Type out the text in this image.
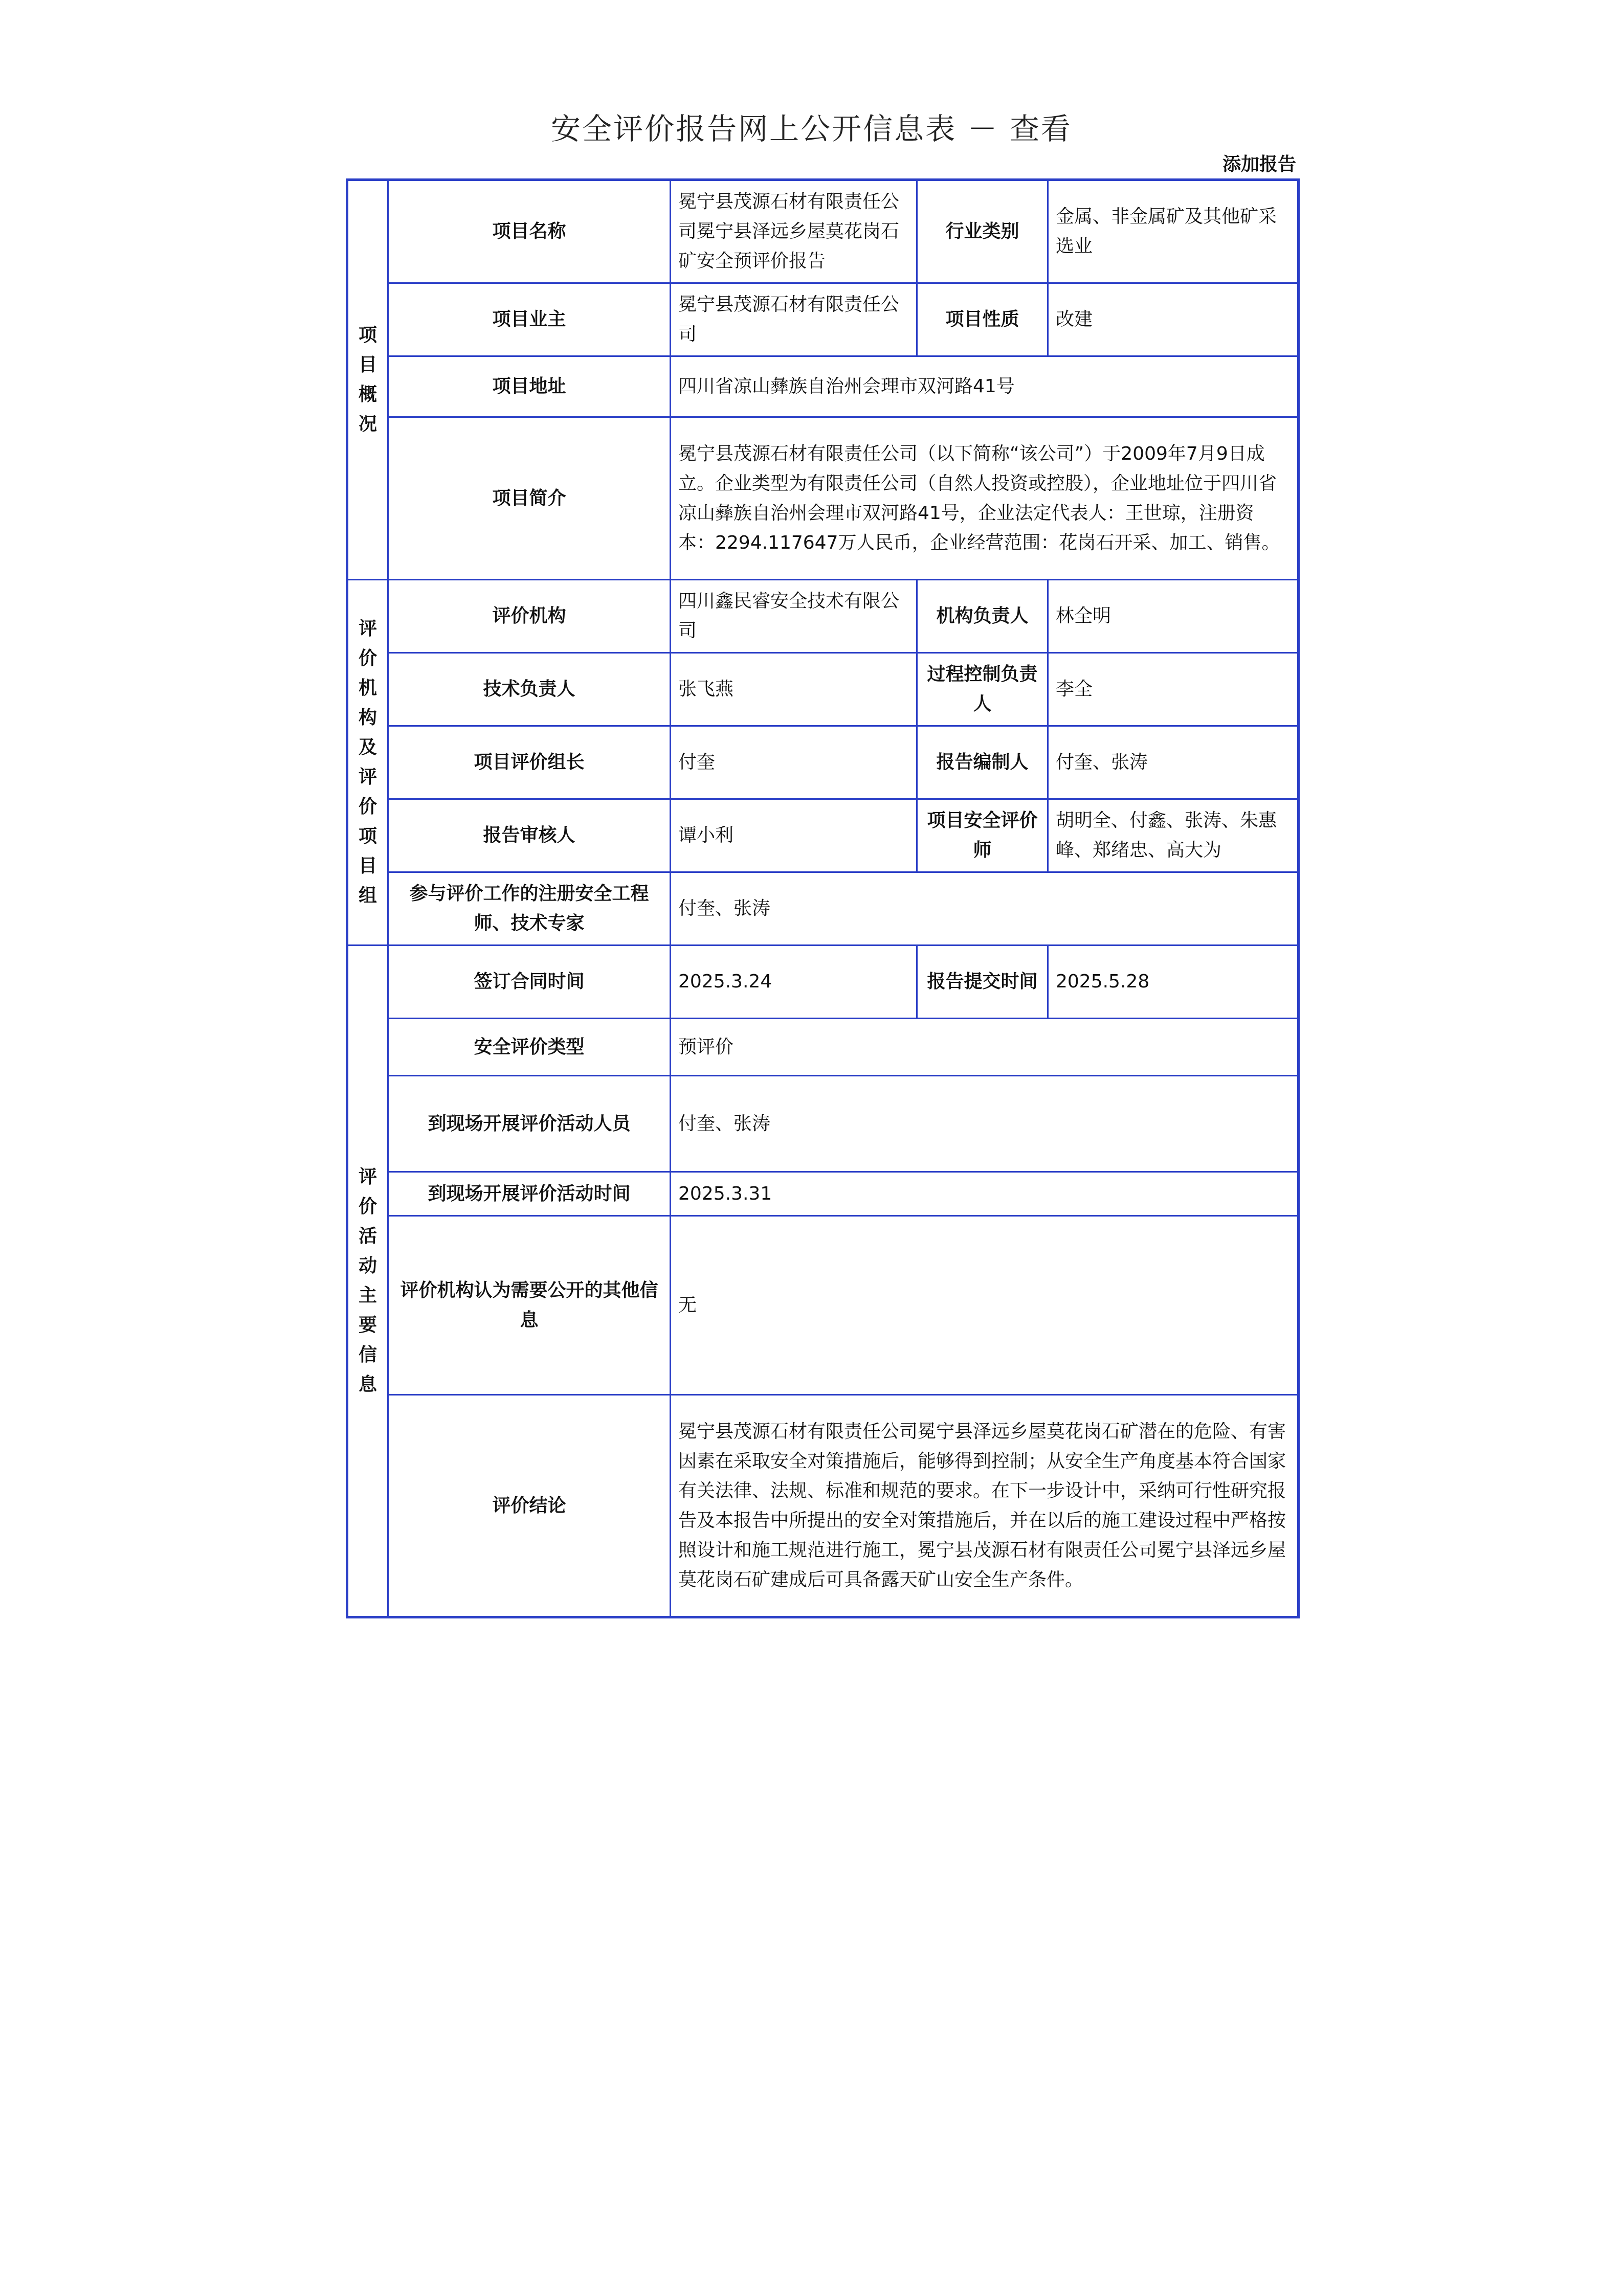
安全评价报告网上公开信息表 － 查看
添加报告
项目概况	项目名称	冕宁县茂源石材有限责任公司冕宁县泽远乡屋莫花岗石矿安全预评价报告	行业类别	金属、非金属矿及其他矿采选业
	项目业主	冕宁县茂源石材有限责任公司	项目性质	改建
	项目地址	四川省凉山彝族自治州会理市双河路41号		
	项目简介	冕宁县茂源石材有限责任公司（以下简称“该公司”）于2009年7月9日成立。企业类型为有限责任公司（自然人投资或控股），企业地址位于四川省凉山彝族自治州会理市双河路41号，企业法定代表人：王世琼，注册资本：2294.117647万人民币，企业经营范围：花岗石开采、加工、销售。		
评价机构及评价项目组	评价机构	四川鑫民睿安全技术有限公司	机构负责人	林全明
	技术负责人	张飞燕	过程控制负责人	李全
	项目评价组长	付奎	报告编制人	付奎、张涛
	报告审核人	谭小利	项目安全评价师	胡明全、付鑫、张涛、朱惠峰、郑绪忠、高大为
	参与评价工作的注册安全工程师、技术专家	付奎、张涛		
评价活动主要信息	签订合同时间	2025.3.24	报告提交时间	2025.5.28
	安全评价类型	预评价		
	到现场开展评价活动人员	付奎、张涛		
	到现场开展评价活动时间	2025.3.31		
	评价机构认为需要公开的其他信息	无		
	评价结论	冕宁县茂源石材有限责任公司冕宁县泽远乡屋莫花岗石矿潜在的危险、有害因素在采取安全对策措施后，能够得到控制；从安全生产角度基本符合国家有关法律、法规、标准和规范的要求。在下一步设计中，采纳可行性研究报告及本报告中所提出的安全对策措施后，并在以后的施工建设过程中严格按照设计和施工规范进行施工，冕宁县茂源石材有限责任公司冕宁县泽远乡屋莫花岗石矿建成后可具备露天矿山安全生产条件。		
